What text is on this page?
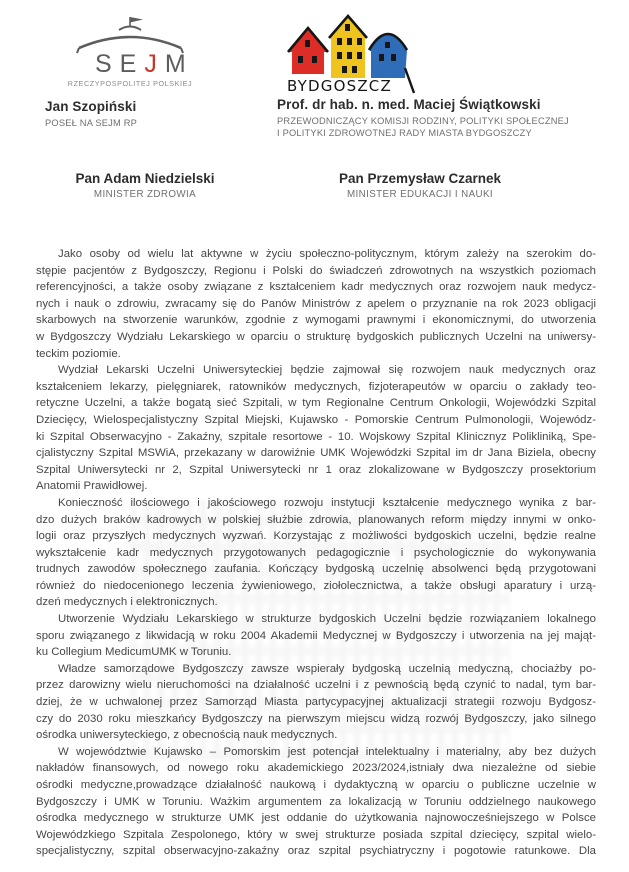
SEJM
RZECZYPOSPOLITEJ POLSKIEJ
Jan Szopiński
POSEŁ NA SEJM RP
BYDGOSZCZ
Prof. dr hab. n. med. Maciej Świątkowski
PRZEWODNICZĄCY KOMISJI RODZINY, POLITYKI SPOŁECZNEJ
I POLITYKI ZDROWOTNEJ RADY MIASTA BYDGOSZCZY
Pan Adam Niedzielski
MINISTER ZDROWIA
Pan Przemysław Czarnek
MINISTER EDUKACJI I NAUKI
Jako osoby od wielu lat aktywne w życiu społeczno-politycznym, którym zależy na szerokim do-
stępie pacjentów z Bydgoszczy, Regionu i Polski do świadczeń zdrowotnych na wszystkich poziomach
referencyjności, a także osoby związane z kształceniem kadr medycznych oraz rozwojem nauk medycz-
nych i nauk o zdrowiu, zwracamy się do Panów Ministrów z apelem o przyznanie na rok 2023 obligacji
skarbowych na stworzenie warunków, zgodnie z wymogami prawnymi i ekonomicznymi, do utworzenia
w Bydgoszczy Wydziału Lekarskiego w oparciu o strukturę bydgoskich publicznych Uczelni na uniwersy-
teckim poziomie.
Wydział Lekarski Uczelni Uniwersyteckiej będzie zajmował się rozwojem nauk medycznych oraz
kształceniem lekarzy, pielęgniarek, ratowników medycznych, fizjoterapeutów w oparciu o zakłady teo-
retyczne Uczelni, a także bogatą sieć Szpitali, w tym Regionalne Centrum Onkologii, Wojewódzki Szpital
Dziecięcy, Wielospecjalistyczny Szpital Miejski, Kujawsko - Pomorskie Centrum Pulmonologii, Wojewódz-
ki Szpital Obserwacyjno - Zakaźny, szpitale resortowe - 10. Wojskowy Szpital Klinicznyz Polikliniką, Spe-
cjalistyczny Szpital MSWiA, przekazany w darowiźnie UMK Wojewódzki Szpital im dr Jana Biziela, obecny
Szpital Uniwersytecki nr 2, Szpital Uniwersytecki nr 1 oraz zlokalizowane w Bydgoszczy prosektorium
Anatomii Prawidłowej.
Konieczność ilościowego i jakościowego rozwoju instytucji kształcenie medycznego wynika z bar-
dzo dużych braków kadrowych w polskiej służbie zdrowia, planowanych reform między innymi w onko-
logii oraz przyszłych medycznych wyzwań. Korzystając z możliwości bydgoskich uczelni, będzie realne
wykształcenie kadr medycznych przygotowanych pedagogicznie i psychologicznie do wykonywania
trudnych zawodów społecznego zaufania. Kończący bydgoską uczelnię absolwenci będą przygotowani
również do niedocenionego leczenia żywieniowego, ziołolecznictwa, a także obsługi aparatury i urzą-
dzeń medycznych i elektronicznych.
Utworzenie Wydziału Lekarskiego w strukturze bydgoskich Uczelni będzie rozwiązaniem lokalnego
sporu związanego z likwidacją w roku 2004 Akademii Medycznej w Bydgoszczy i utworzenia na jej mająt-
ku Collegium MedicumUMK w Toruniu.
Władze samorządowe Bydgoszczy zawsze wspierały bydgoską uczelnią medyczną, chociażby po-
przez darowizny wielu nieruchomości na działalność uczelni i z pewnością będą czynić to nadal, tym bar-
dziej, że w uchwalonej przez Samorząd Miasta partycypacyjnej aktualizacji strategii rozwoju Bydgosz-
czy do 2030 roku mieszkańcy Bydgoszczy na pierwszym miejscu widzą rozwój Bydgoszczy, jako silnego
ośrodka uniwersyteckiego, z obecnością nauk medycznych.
W województwie Kujawsko – Pomorskim jest potencjał intelektualny i materialny, aby bez dużych
nakładów finansowych, od nowego roku akademickiego 2023/2024,istniały dwa niezależne od siebie
ośrodki medyczne,prowadzące działalność naukową i dydaktyczną w oparciu o publiczne uczelnie w
Bydgoszczy i UMK w Toruniu. Ważkim argumentem za lokalizacją w Toruniu oddzielnego naukowego
ośrodka medycznego w strukturze UMK jest oddanie do użytkowania najnowocześniejszego w Polsce
Wojewódzkiego Szpitala Zespolonego, który w swej strukturze posiada szpital dziecięcy, szpital wielo-
specjalistyczny, szpital obserwacyjno-zakaźny oraz szpital psychiatryczny i pogotowie ratunkowe. Dla
